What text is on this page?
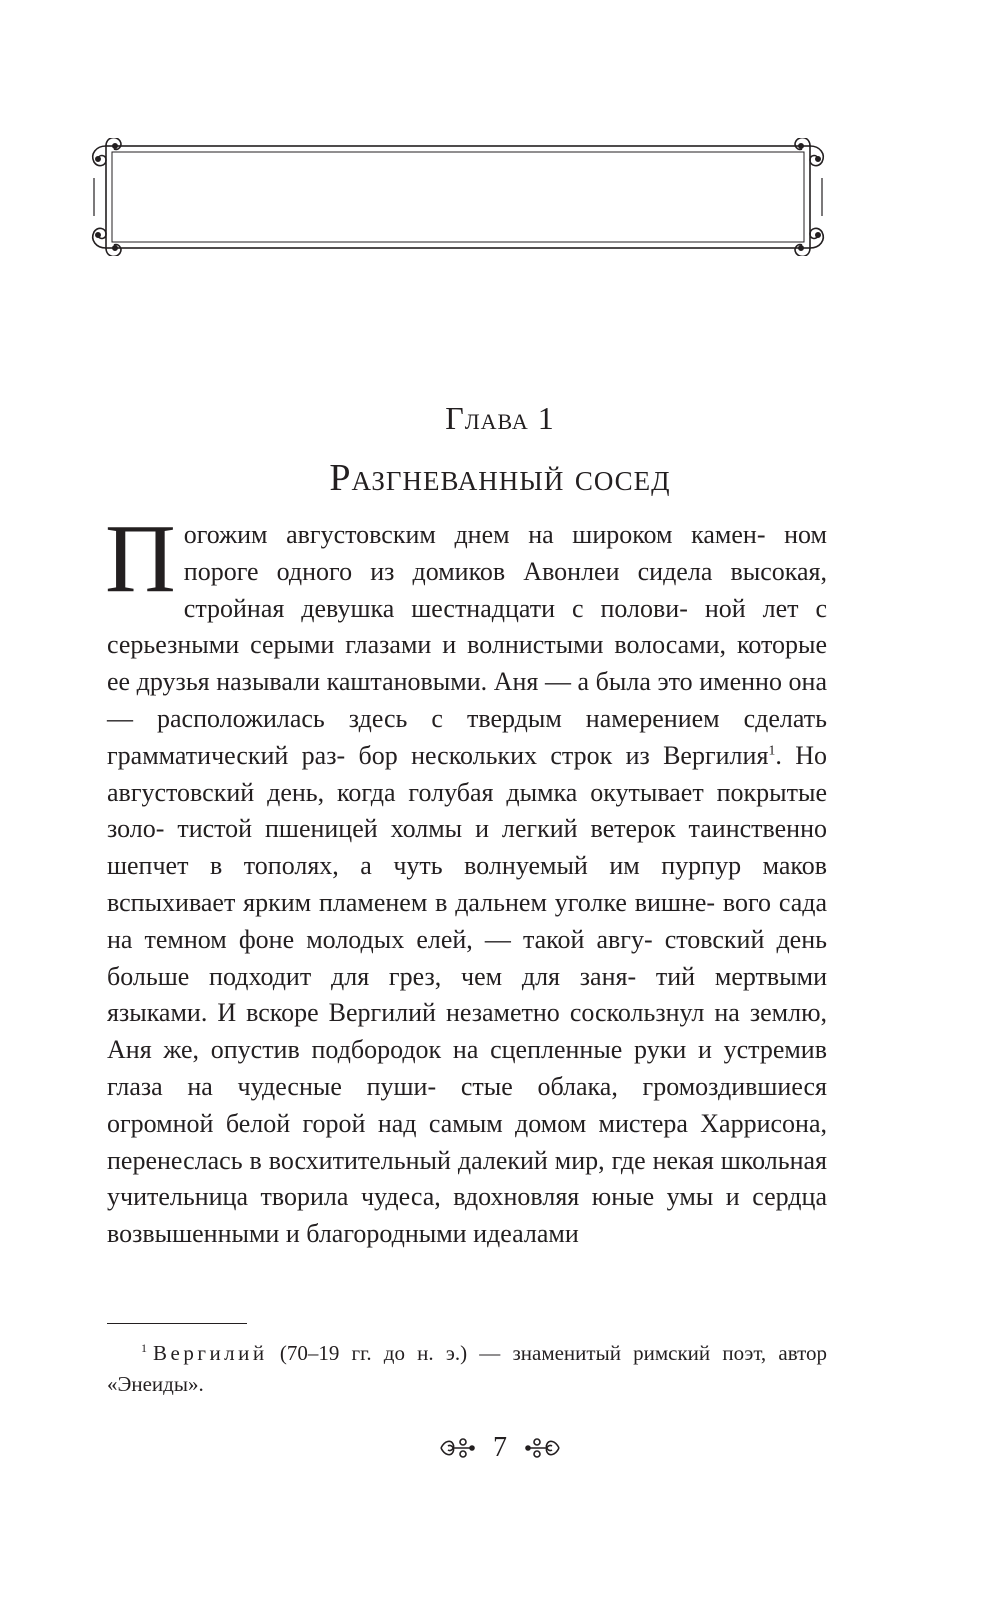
Глава 1
Разгневанный сосед
П огожим августовским днем на широком камен- ном пороге одного из домиков Авонлеи сидела высокая, стройная девушка шестнадцати с полови- ной лет с серьезными серыми глазами и волнистыми волосами, которые ее друзья называли каштановыми. Аня — а была это именно она — расположилась здесь с твердым намерением сделать грамматический раз- бор нескольких строк из Вергилия$^1$. Но августовский день, когда голубая дымка окутывает покрытые золо- тистой пшеницей холмы и легкий ветерок таинственно шепчет в тополях, а чуть волнуемый им пурпур маков вспыхивает ярким пламенем в дальнем уголке вишне- вого сада на темном фоне молодых елей, — такой авгу- стовский день больше подходит для грез, чем для заня- тий мертвыми языками. И вскоре Вергилий незаметно соскользнул на землю, Аня же, опустив подбородок на сцепленные руки и устремив глаза на чудесные пуши- стые облака, громоздившиеся огромной белой горой над самым домом мистера Харрисона, перенеслась в восхитительный далекий мир, где некая школьная учительница творила чудеса, вдохновляя юные умы и сердца возвышенными и благородными идеалами
$^1$ Вергилий (70–19 гг. до н. э.) — знаменитый римский поэт, автор «Энеиды».
7
